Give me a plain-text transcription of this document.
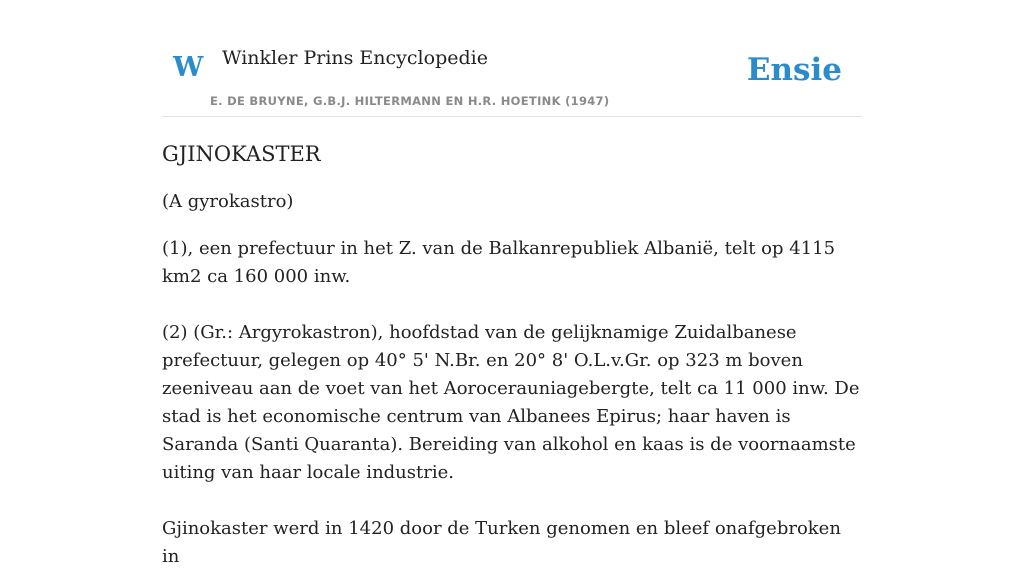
W Winkler Prins Encyclopedie
E. DE BRUYNE, G.B.J. HILTERMANN EN H.R. HOETINK (1947)
Ensie
GJINOKASTER

(A gyrokastro)

(1), een prefectuur in het Z. van de Balkanrepubliek Albanië, telt op 4115 km2 ca 160 000 inw.

(2) (Gr.: Argyrokastron), hoofdstad van de gelijknamige Zuidalbanese prefectuur, gelegen op 40° 5' N.Br. en 20° 8' O.L.v.Gr. op 323 m boven zeeniveau aan de voet van het Aorocerauniagebergte, telt ca 11 000 inw. De stad is het economische centrum van Albanees Epirus; haar haven is Saranda (Santi Quaranta). Bereiding van alkohol en kaas is de voornaamste uiting van haar locale industrie.

Gjinokaster werd in 1420 door de Turken genomen en bleef onafgebroken in
